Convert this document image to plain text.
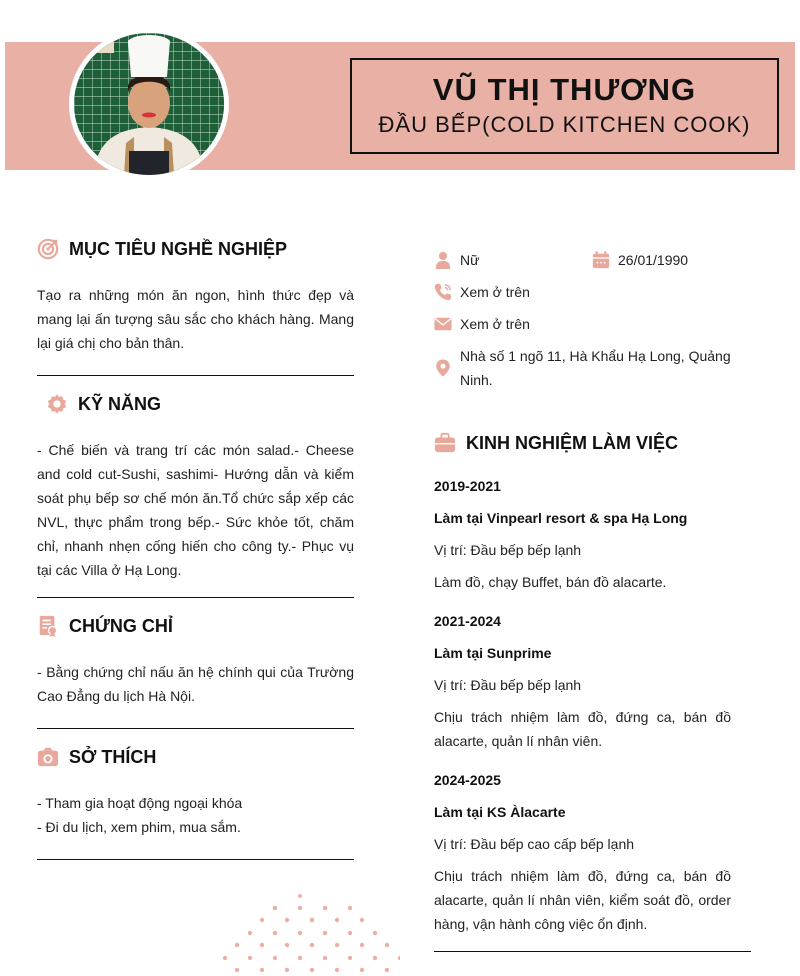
VŨ THỊ THƯƠNG
ĐẦU BẾP(COLD KITCHEN COOK)
MỤC TIÊU NGHỀ NGHIỆP
Tạo ra những món ăn ngon, hình thức đẹp và mang lại ấn tượng sâu sắc cho khách hàng. Mang lại giá chị cho bản thân.
KỸ NĂNG
- Chế biến và trang trí các món salad.- Cheese and cold cut-Sushi, sashimi- Hướng dẫn và kiểm soát phụ bếp sơ chế món ăn.Tổ chức sắp xếp các NVL, thực phẩm trong bếp.- Sức khỏe tốt, chăm chỉ, nhanh nhẹn cống hiến cho công ty.- Phục vụ tại các Villa ở Hạ Long.
CHỨNG CHỈ
- Bằng chứng chỉ nấu ăn hệ chính qui của Trường Cao Đẳng du lịch Hà Nội.
SỞ THÍCH
- Tham gia hoạt động ngoại khóa
- Đi du lịch, xem phim, mua sắm.
Nữ	26/01/1990
Xem ở trên
Xem ở trên
Nhà số 1 ngõ 11, Hà Khẩu Hạ Long, Quảng Ninh.
KINH NGHIỆM LÀM VIỆC
2019-2021
Làm tại Vinpearl resort & spa Hạ Long
Vị trí: Đầu bếp bếp lạnh
Làm đồ, chạy Buffet, bán đồ alacarte.
2021-2024
Làm tại Sunprime
Vị trí: Đầu bếp bếp lạnh
Chịu trách nhiệm làm đồ, đứng ca, bán đồ alacarte, quản lí nhân viên.
2024-2025
Làm tại KS Àlacarte
Vị trí: Đầu bếp cao cấp bếp lạnh
Chịu trách nhiệm làm đồ, đứng ca, bán đồ alacarte, quản lí nhân viên, kiểm soát đồ, order hàng, vận hành công việc ổn định.
